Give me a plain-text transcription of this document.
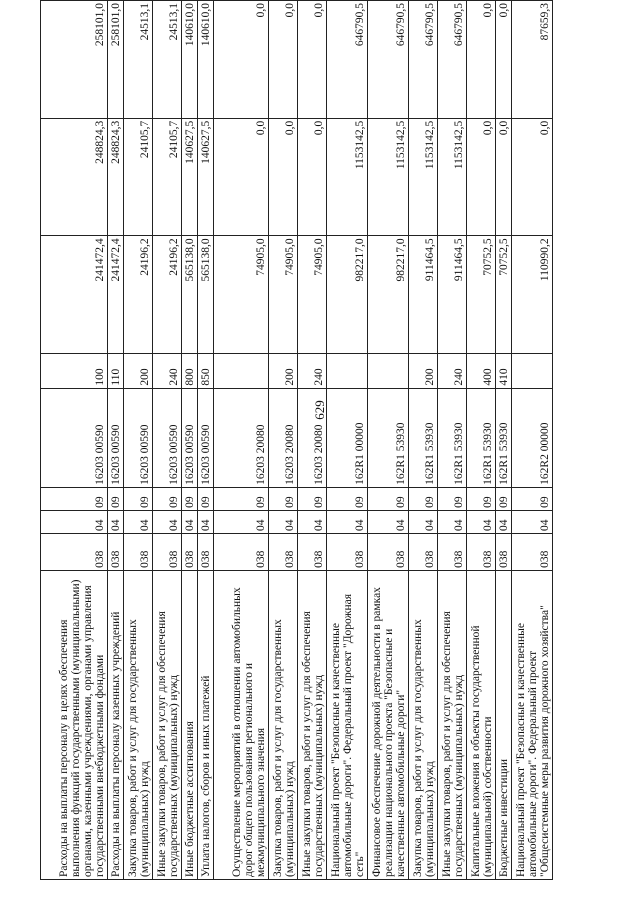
629
Расходы на выплаты персоналу в целях обеспечения выполнения функций государственными (муниципальными) органами, казенными учреждениями, органами управления государственными внебюджетными фондами	038	04	09	16203 00590	100	241472,4	248824,3	258101,0
Расходы на выплаты персоналу казенных учреждений	038	04	09	16203 00590	110	241472,4	248824,3	258101,0
Закупка товаров, работ и услуг для государственных (муниципальных) нужд	038	04	09	16203 00590	200	24196,2	24105,7	24513,1
Иные закупки товаров, работ и услуг для обеспечения государственных (муниципальных) нужд	038	04	09	16203 00590	240	24196,2	24105,7	24513,1
Иные бюджетные ассигнования	038	04	09	16203 00590	800	565138,0	140627,5	140610,0
Уплата налогов, сборов и иных платежей	038	04	09	16203 00590	850	565138,0	140627,5	140610,0
Осуществление мероприятий в отношении автомобильных дорог общего пользования регионального и межмуниципального значения	038	04	09	16203 20080		74905,0	0,0	0,0
Закупка товаров, работ и услуг для государственных (муниципальных) нужд	038	04	09	16203 20080	200	74905,0	0,0	0,0
Иные закупки товаров, работ и услуг для обеспечения государственных (муниципальных) нужд	038	04	09	16203 20080	240	74905,0	0,0	0,0
Национальный проект "Безопасные и качественные автомобильные дороги". Федеральный проект "Дорожная сеть"	038	04	09	162R1 00000		982217,0	1153142,5	646790,5
Финансовое обеспечение дорожной деятельности в рамках реализации национального проекта "Безопасные и качественные автомобильные дороги"	038	04	09	162R1 53930		982217,0	1153142,5	646790,5
Закупка товаров, работ и услуг для государственных (муниципальных) нужд	038	04	09	162R1 53930	200	911464,5	1153142,5	646790,5
Иные закупки товаров, работ и услуг для обеспечения государственных (муниципальных) нужд	038	04	09	162R1 53930	240	911464,5	1153142,5	646790,5
Капитальные вложения в объекты государственной (муниципальной) собственности	038	04	09	162R1 53930	400	70752,5	0,0	0,0
Бюджетные инвестиции	038	04	09	162R1 53930	410	70752,5	0,0	0,0
Национальный проект "Безопасные и качественные автомобильные дороги". Федеральный проект "Общесистемные меры развития дорожного хозяйства"	038	04	09	162R2 00000		110990,2	0,0	87659,3
